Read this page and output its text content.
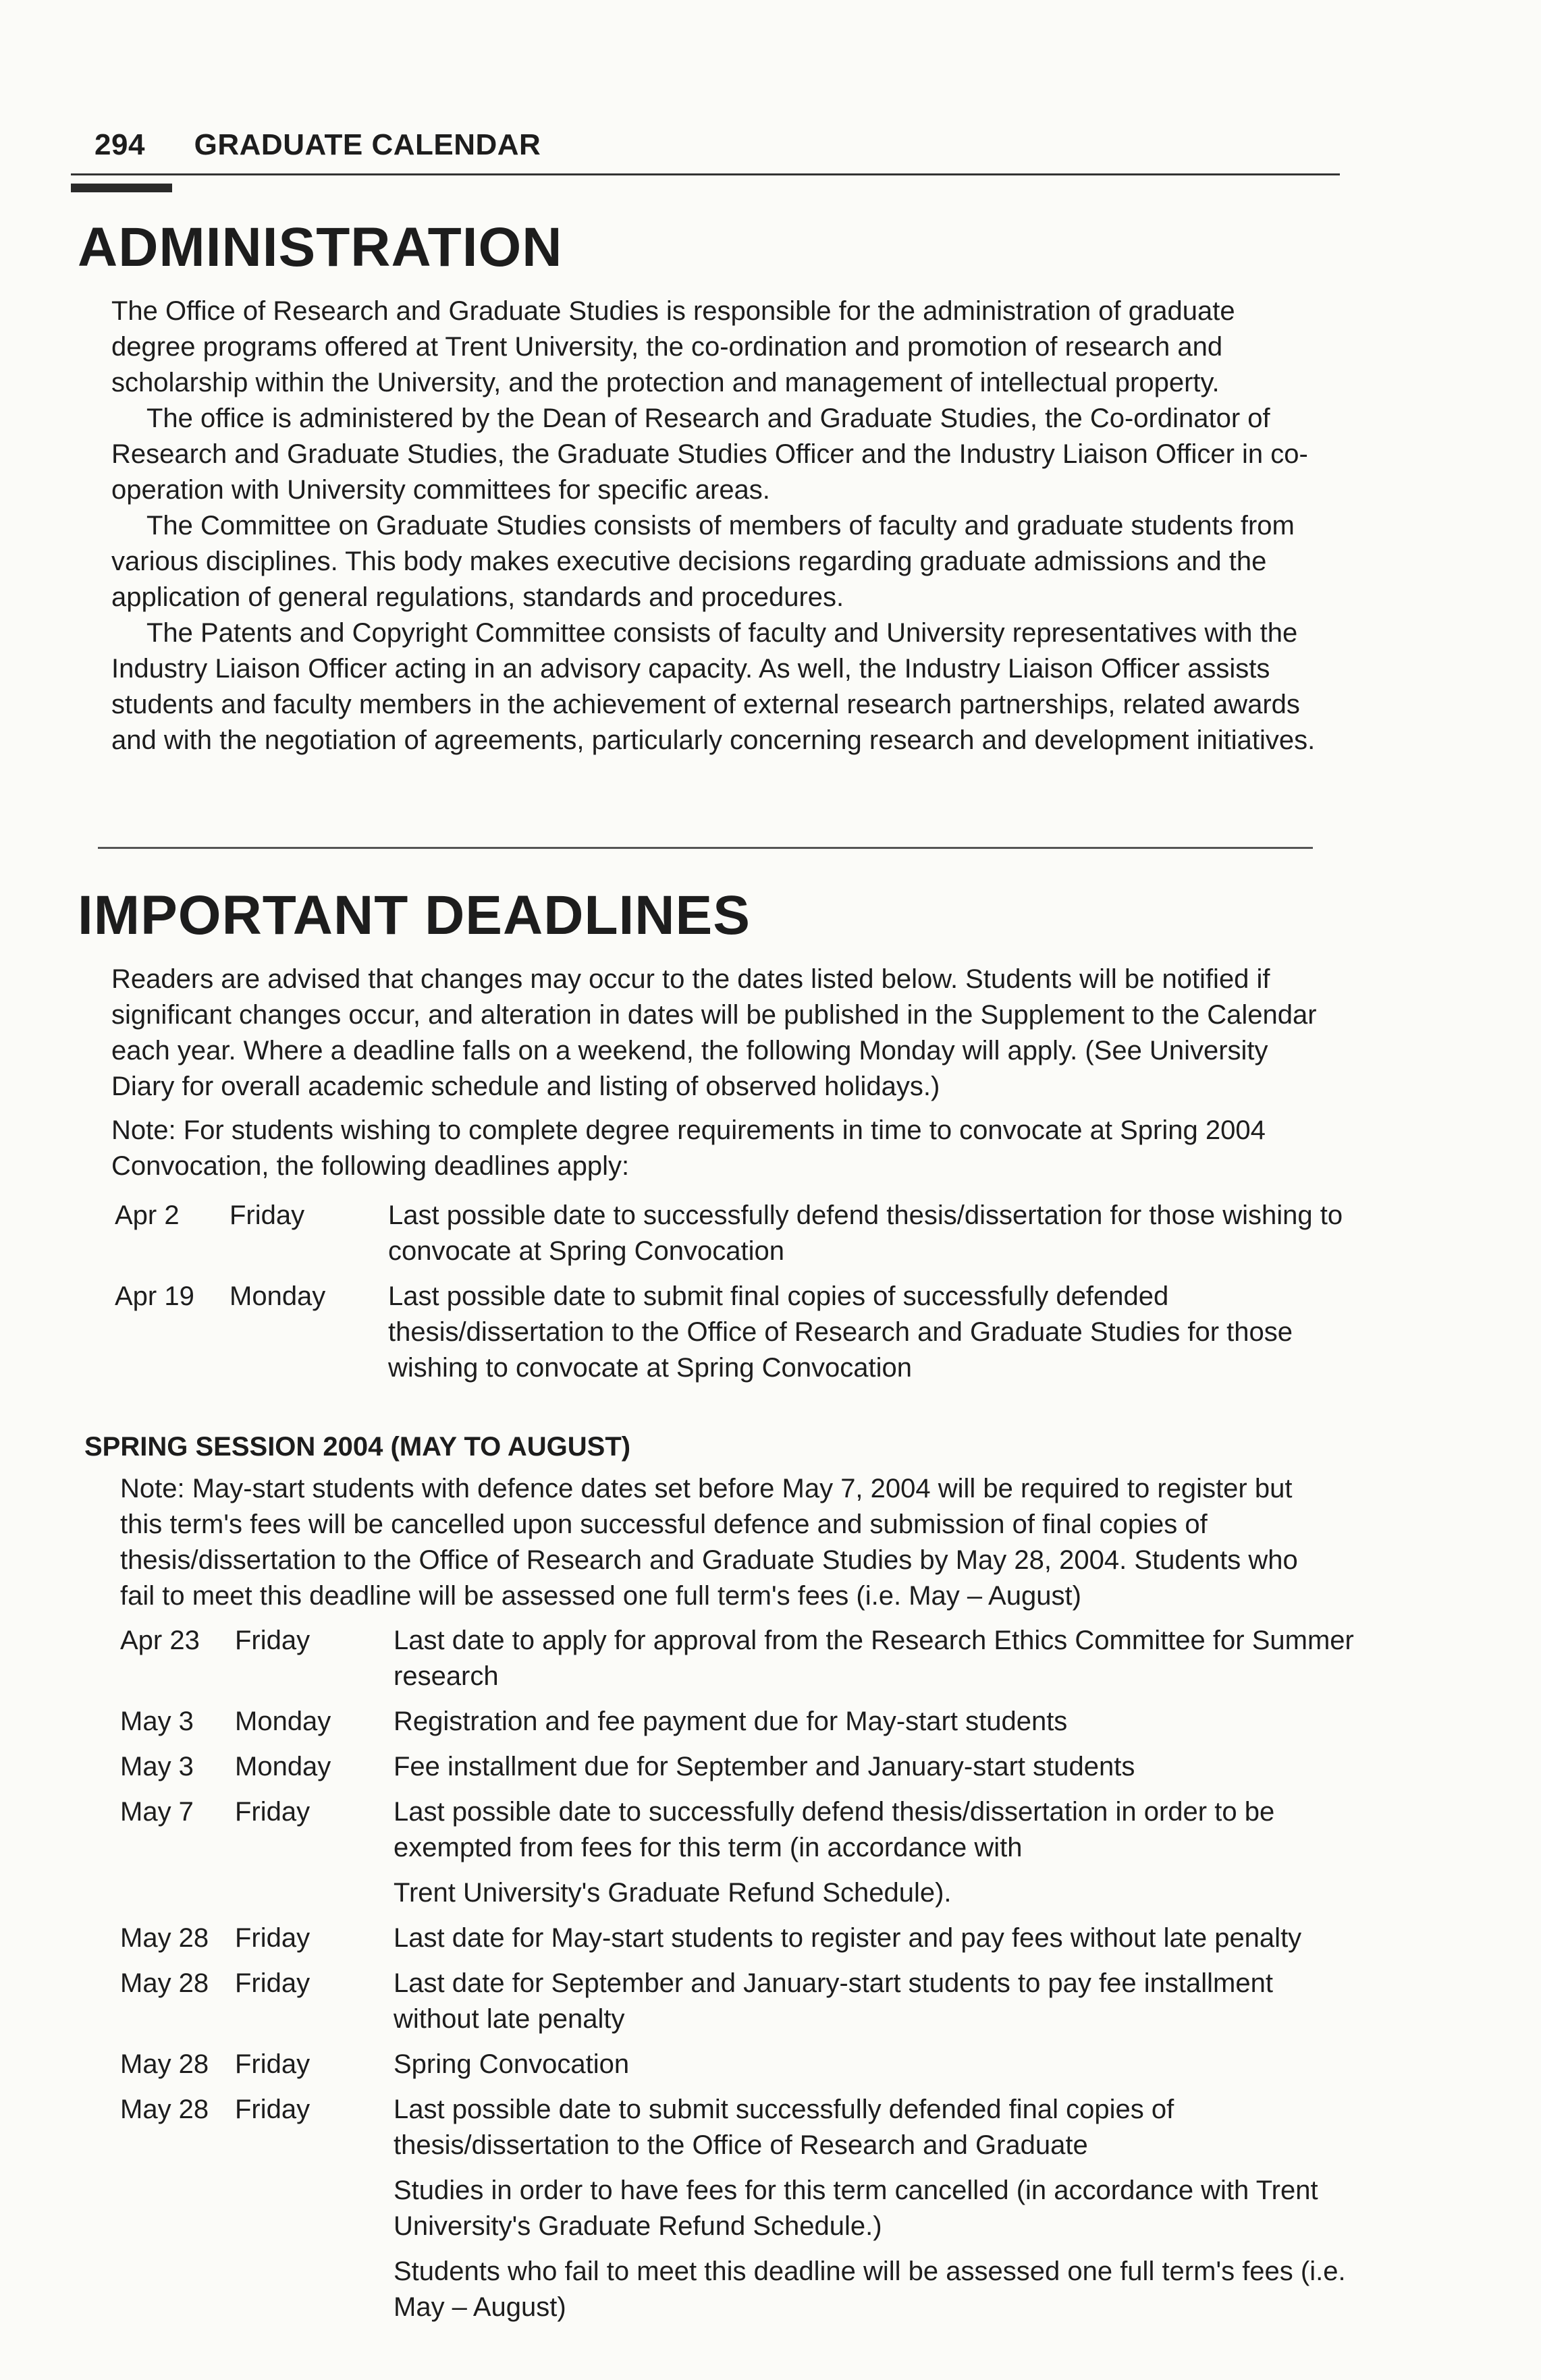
294 GRADUATE CALENDAR
ADMINISTRATION

The Office of Research and Graduate Studies is responsible for the administration of graduate degree programs offered at Trent University, the co-ordination and promotion of research and scholarship within the University, and the protection and management of intellectual property.

The office is administered by the Dean of Research and Graduate Studies, the Co-ordinator of Research and Graduate Studies, the Graduate Studies Officer and the Industry Liaison Officer in co-operation with University committees for specific areas.

The Committee on Graduate Studies consists of members of faculty and graduate students from various disciplines. This body makes executive decisions regarding graduate admissions and the application of general regulations, standards and procedures.

The Patents and Copyright Committee consists of faculty and University representatives with the Industry Liaison Officer acting in an advisory capacity. As well, the Industry Liaison Officer assists students and faculty members in the achievement of external research partnerships, related awards and with the negotiation of agreements, particularly concerning research and development initiatives.

IMPORTANT DEADLINES

Readers are advised that changes may occur to the dates listed below. Students will be notified if significant changes occur, and alteration in dates will be published in the Supplement to the Calendar each year. Where a deadline falls on a weekend, the following Monday will apply. (See University Diary for overall academic schedule and listing of observed holidays.)

Note: For students wishing to complete degree requirements in time to convocate at Spring 2004 Convocation, the following deadlines apply:

Apr 2	Friday	Last possible date to successfully defend thesis/dissertation for those wishing to convocate at Spring Convocation
Apr 19	Monday	Last possible date to submit final copies of successfully defended thesis/dissertation to the Office of Research and Graduate Studies for those wishing to convocate at Spring Convocation
SPRING SESSION 2004 (MAY TO AUGUST)
Note: May-start students with defence dates set before May 7, 2004 will be required to register but this term's fees will be cancelled upon successful defence and submission of final copies of thesis/dissertation to the Office of Research and Graduate Studies by May 28, 2004. Students who fail to meet this deadline will be assessed one full term's fees (i.e. May – August)
Apr 23	Friday	Last date to apply for approval from the Research Ethics Committee for Summer research
May 3	Monday	Registration and fee payment due for May-start students
May 3	Monday	Fee installment due for September and January-start students
May 7	Friday	Last possible date to successfully defend thesis/dissertation in order to be exempted from fees for this term (in accordance with
Trent University's Graduate Refund Schedule).
May 28 Friday	Last date for May-start students to register and pay fees without late penalty
May 28 Friday	Last date for September and January-start students to pay fee installment without late penalty
May 28 Friday	Spring Convocation
May 28 Friday	Last possible date to submit successfully defended final copies of thesis/dissertation to the Office of Research and Graduate
Studies in order to have fees for this term cancelled (in accordance with Trent University's Graduate Refund Schedule.)
Students who fail to meet this deadline will be assessed one full term's fees (i.e. May – August)
